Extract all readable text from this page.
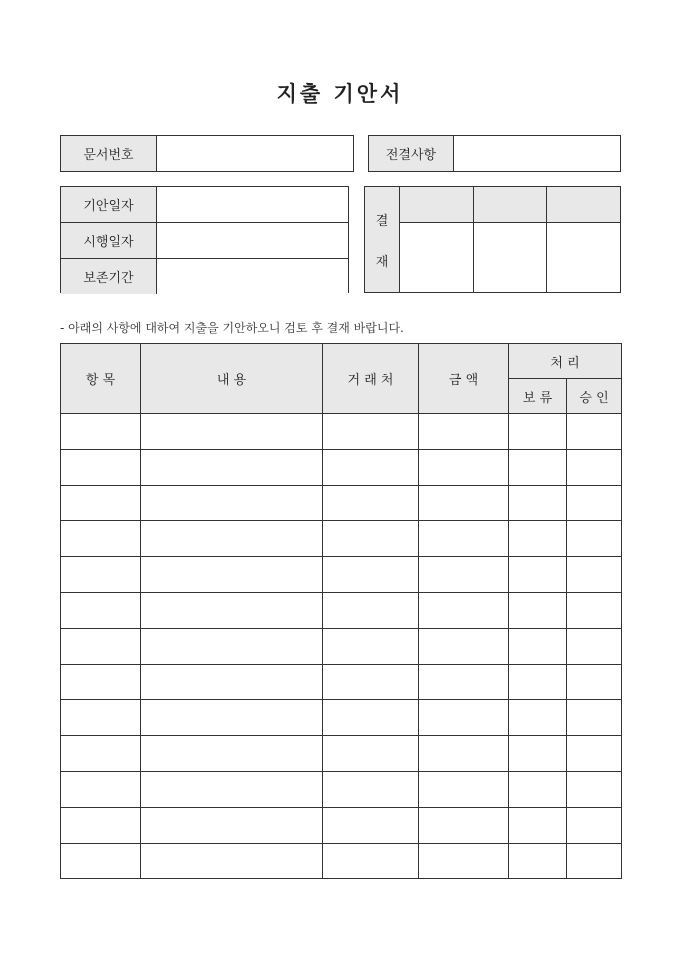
지출 기안서
문서번호	전결사항
기안일자
시행일자
보존기간
결
재
- 아래의 사항에 대하여 지출을 기안하오니 검토 후 결재 바랍니다.
항 목	내 용	거 래 처	금 액	처 리	
				보 류	승 인
